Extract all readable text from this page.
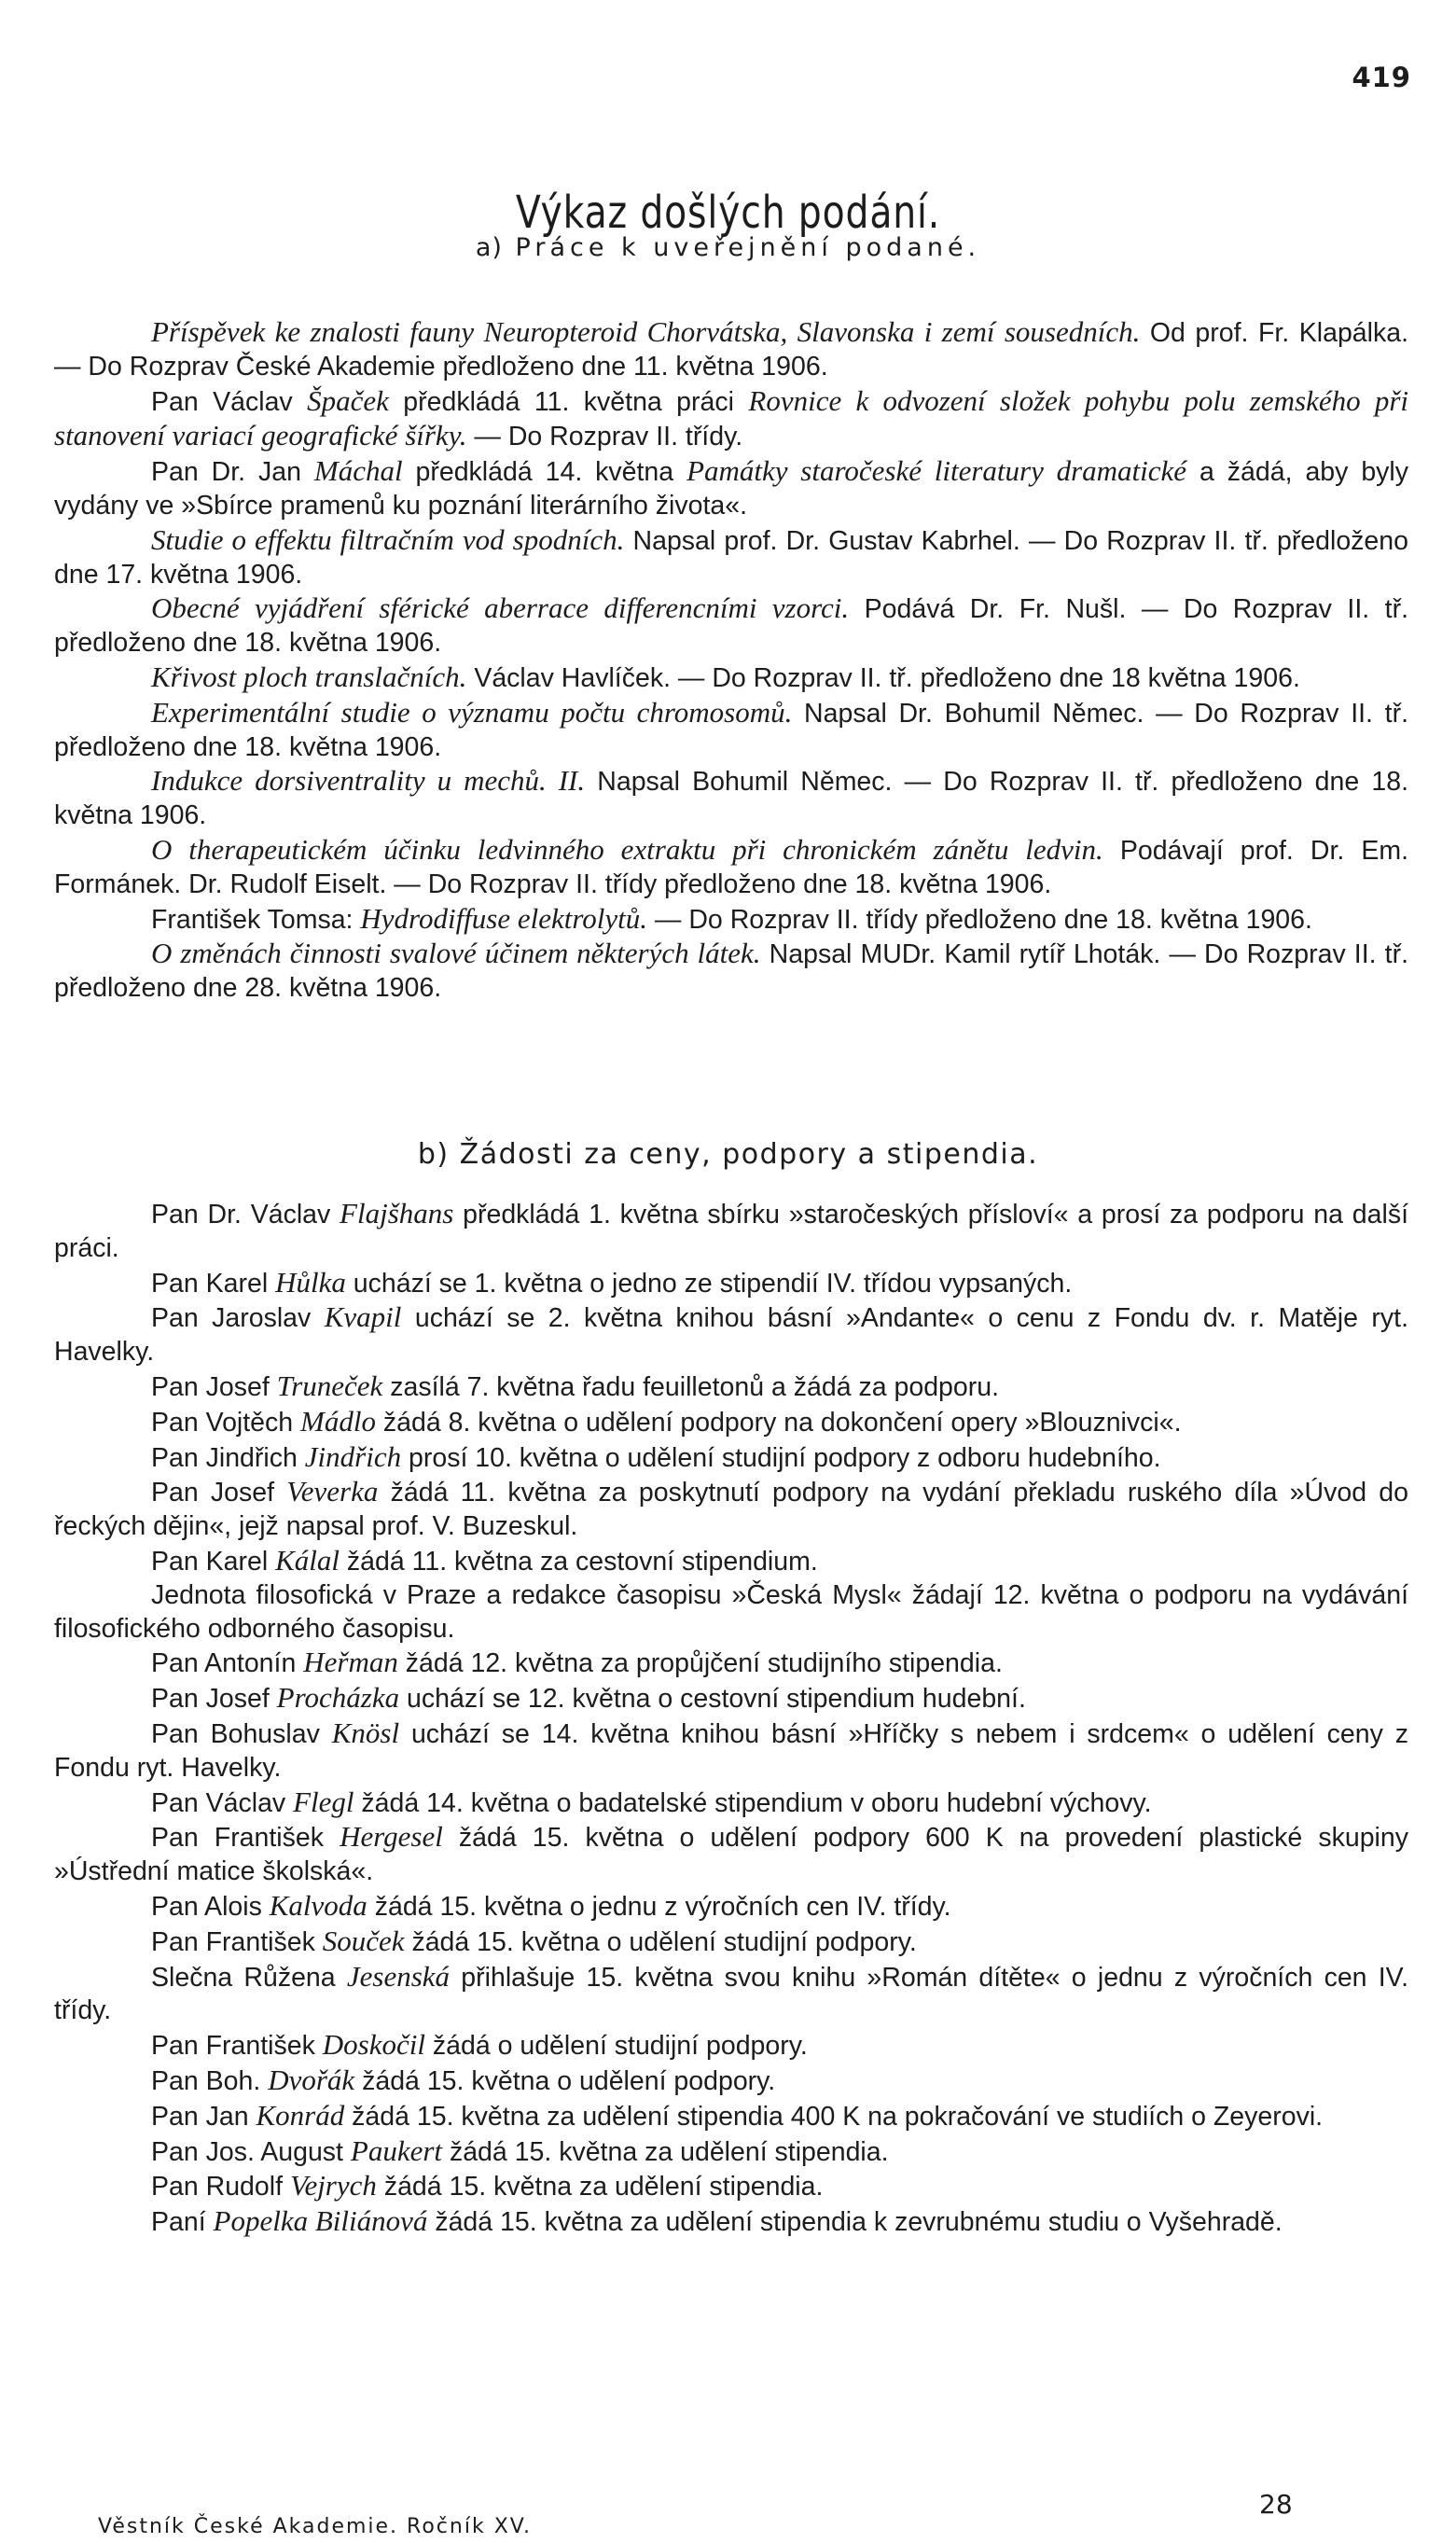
419
Výkaz došlých podání.
a) Práce k uveřejnění podané.

Příspěvek ke znalosti fauny Neuropteroid Chorvátska, Slavonska i zemí sousedních. Od prof. Fr. Klapálka. — Do Rozprav České Akademie předloženo dne 11. května 1906.

Pan Václav Špaček předkládá 11. května práci Rovnice k odvození složek pohybu polu zemského při stanovení variací geografické šířky. — Do Rozprav II. třídy.

Pan Dr. Jan Máchal předkládá 14. května Památky staročeské literatury dramatické a žádá, aby byly vydány ve »Sbírce pramenů ku poznání literárního života«.

Studie o effektu filtračním vod spodních. Napsal prof. Dr. Gustav Kabrhel. — Do Rozprav II. tř. předloženo dne 17. května 1906.

Obecné vyjádření sférické aberrace differencními vzorci. Podává Dr. Fr. Nušl. — Do Rozprav II. tř. předloženo dne 18. května 1906.

Křivost ploch translačních. Václav Havlíček. — Do Rozprav II. tř. předloženo dne 18 května 1906.

Experimentální studie o významu počtu chromosomů. Napsal Dr. Bohumil Němec. — Do Rozprav II. tř. předloženo dne 18. května 1906.

Indukce dorsiventrality u mechů. II. Napsal Bohumil Němec. — Do Rozprav II. tř. předloženo dne 18. května 1906.

O therapeutickém účinku ledvinného extraktu při chronickém zánětu ledvin. Podávají prof. Dr. Em. Formánek. Dr. Rudolf Eiselt. — Do Rozprav II. třídy předloženo dne 18. května 1906.

František Tomsa: Hydrodiffuse elektrolytů. — Do Rozprav II. třídy předloženo dne 18. května 1906.

O změnách činnosti svalové účinem některých látek. Napsal MUDr. Kamil rytíř Lhoták. — Do Rozprav II. tř. předloženo dne 28. května 1906.

b) Žádosti za ceny, podpory a stipendia.

Pan Dr. Václav Flajšhans předkládá 1. května sbírku »staročeských přísloví« a prosí za podporu na další práci.

Pan Karel Hůlka uchází se 1. května o jedno ze stipendií IV. třídou vypsaných.

Pan Jaroslav Kvapil uchází se 2. května knihou básní »Andante« o cenu z Fondu dv. r. Matěje ryt. Havelky.

Pan Josef Truneček zasílá 7. května řadu feuilletonů a žádá za podporu.

Pan Vojtěch Mádlo žádá 8. května o udělení podpory na dokončení opery »Blouznivci«.

Pan Jindřich Jindřich prosí 10. května o udělení studijní podpory z odboru hudebního.

Pan Josef Veverka žádá 11. května za poskytnutí podpory na vydání překladu ruského díla »Úvod do řeckých dějin«, jejž napsal prof. V. Buzeskul.

Pan Karel Kálal žádá 11. května za cestovní stipendium.

Jednota filosofická v Praze a redakce časopisu »Česká Mysl« žádají 12. května o podporu na vydávání filosofického odborného časopisu.

Pan Antonín Heřman žádá 12. května za propůjčení studijního stipendia.

Pan Josef Procházka uchází se 12. května o cestovní stipendium hudební.

Pan Bohuslav Knösl uchází se 14. května knihou básní »Hříčky s nebem i srdcem« o udělení ceny z Fondu ryt. Havelky.

Pan Václav Flegl žádá 14. května o badatelské stipendium v oboru hudební výchovy.

Pan František Hergesel žádá 15. května o udělení podpory 600 K na provedení plastické skupiny »Ústřední matice školská«.

Pan Alois Kalvoda žádá 15. května o jednu z výročních cen IV. třídy.

Pan František Souček žádá 15. května o udělení studijní podpory.

Slečna Růžena Jesenská přihlašuje 15. května svou knihu »Román dítěte« o jednu z výročních cen IV. třídy.

Pan František Doskočil žádá o udělení studijní podpory.

Pan Boh. Dvořák žádá 15. května o udělení podpory.

Pan Jan Konrád žádá 15. května za udělení stipendia 400 K na pokračování ve studiích o Zeyerovi.

Pan Jos. August Paukert žádá 15. května za udělení stipendia.

Pan Rudolf Vejrych žádá 15. května za udělení stipendia.

Paní Popelka Biliánová žádá 15. května za udělení stipendia k zevrubnému studiu o Vyšehradě.

Věstník České Akademie. Ročník XV.
28
